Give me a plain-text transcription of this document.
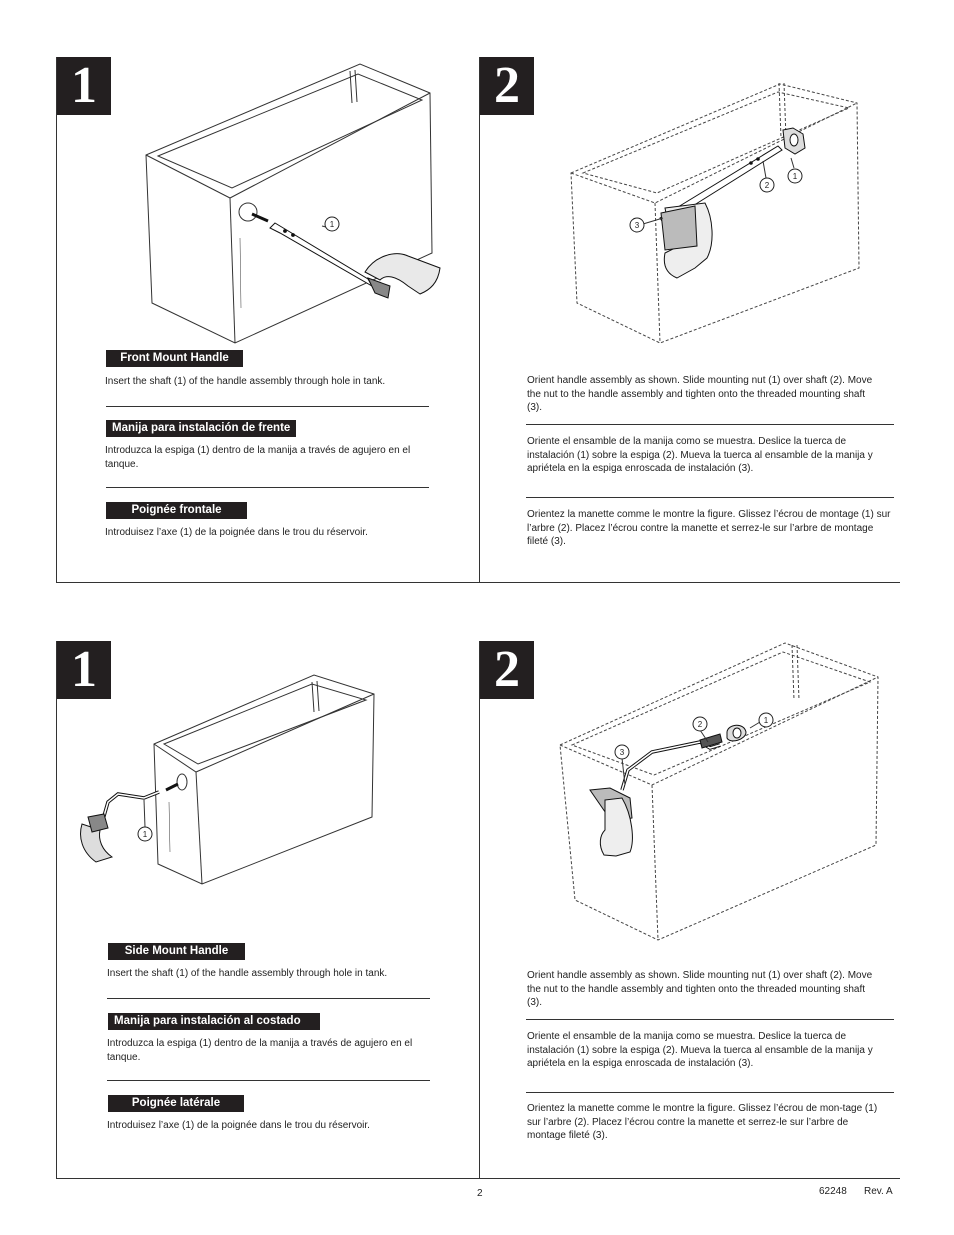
1
1
Front Mount Handle
Insert the shaft (1) of the handle assembly through hole in tank.
Manija para instalación de frente
Introduzca la espiga (1) dentro de la manija a través de agujero en el tanque.
Poignée frontale
Introduisez l’axe (1) de la poignée dans le trou du réservoir.
2
1
2
3
Orient handle assembly as shown. Slide mounting nut (1) over shaft (2). Move the nut to the handle assembly and tighten onto the threaded mounting shaft (3).
Oriente el ensamble de la manija como se muestra. Deslice la tuerca de instalación (1) sobre la espiga (2). Mueva la tuerca al ensamble de la manija y apriétela en la espiga enroscada de instalación (3).
Orientez la manette comme le montre la figure. Glissez l’écrou de montage (1) sur l’arbre (2). Placez l’écrou contre la manette et serrez-le sur l’arbre de montage fileté (3).
1
1
Side Mount Handle
Insert the shaft (1) of the handle assembly through hole in tank.
Manija para instalación al costado
Introduzca la espiga (1) dentro de la manija a través de agujero en el tanque.
Poignée latérale
Introduisez l’axe (1) de la poignée dans le trou du réservoir.
2
1
2
3
Orient handle assembly as shown. Slide mounting nut (1) over shaft (2). Move the nut to the handle assembly and tighten onto the threaded mounting shaft (3).
Oriente el ensamble de la manija como se muestra. Deslice la tuerca de instalación (1) sobre la espiga (2). Mueva la tuerca al ensamble de la manija y apriétela en la espiga enroscada de instalación (3).
Orientez la manette comme le montre la figure. Glissez l’écrou de mon-tage (1) sur l’arbre (2). Placez l’écrou contre la manette et serrez-le sur l’arbre de montage fileté (3).
2	62248 Rev. A
